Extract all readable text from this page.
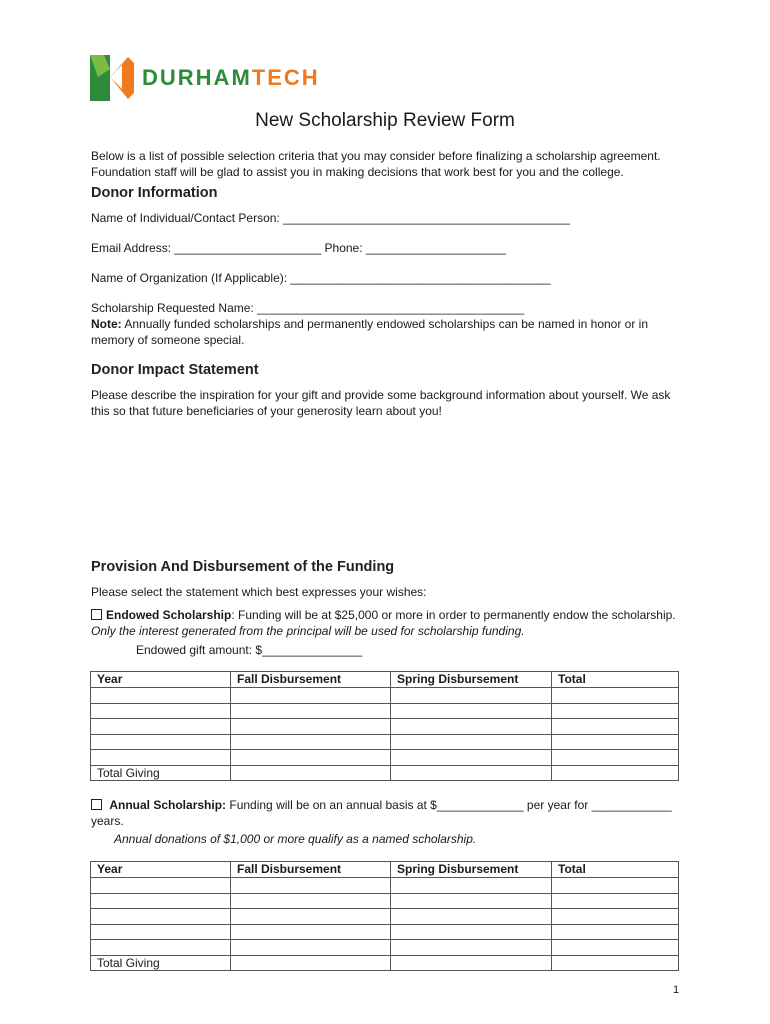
DURHAMTECH
New Scholarship Review Form
Below is a list of possible selection criteria that you may consider before finalizing a scholarship agreement. Foundation staff will be glad to assist you in making decisions that work best for you and the college.
Donor Information
Name of Individual/Contact Person: ___________________________________________
Email Address: ______________________ Phone: _____________________
Name of Organization (If Applicable): _______________________________________
Scholarship Requested Name: ________________________________________
Note: Annually funded scholarships and permanently endowed scholarships can be named in honor or in memory of someone special.
Donor Impact Statement
Please describe the inspiration for your gift and provide some background information about yourself. We ask this so that future beneficiaries of your generosity learn about you!
Provision And Disbursement of the Funding
Please select the statement which best expresses your wishes:
Endowed Scholarship: Funding will be at $25,000 or more in order to permanently endow the scholarship. Only the interest generated from the principal will be used for scholarship funding.
Endowed gift amount: $_______________
Year	Fall Disbursement	Spring Disbursement	Total

Total Giving			
Annual Scholarship: Funding will be on an annual basis at $_____________ per year for ____________ years.
Annual donations of $1,000 or more qualify as a named scholarship.
Year	Fall Disbursement	Spring Disbursement	Total

Total Giving			
1
